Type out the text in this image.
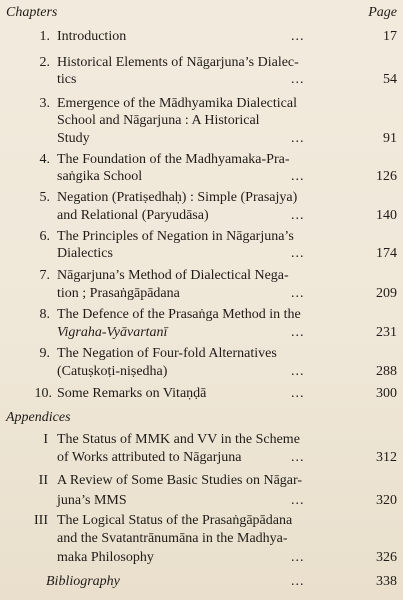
Chapters	Page
1. Introduction	...	17
2. Historical Elements of Nāgarjuna’s Dialec-
tics	...	54
3. Emergence of the Mādhyamika Dialectical
School and Nāgarjuna : A Historical
Study	...	91
4. The Foundation of the Madhyamaka-Pra-
saṅgika School	...	126
5. Negation (Pratiṣedhaḥ) : Simple (Prasajya)
and Relational (Paryudāsa)	...	140
6. The Principles of Negation in Nāgarjuna’s
Dialectics	...	174
7. Nāgarjuna’s Method of Dialectical Nega-
tion ; Prasaṅgāpādana	...	209
8. The Defence of the Prasaṅga Method in the
Vigraha-Vyāvartanī	...	231
9. The Negation of Four-fold Alternatives
(Catuṣkoṭi-niṣedha)	...	288
10. Some Remarks on Vitaṇḍā	...	300
Appendices
I The Status of MMK and VV in the Scheme
of Works attributed to Nāgarjuna	...	312
II A Review of Some Basic Studies on Nāgar-
juna’s MMS	...	320
III The Logical Status of the Prasaṅgāpādana
and the Svatantrānumāna in the Madhya-
maka Philosophy	...	326
Bibliography	...	338
